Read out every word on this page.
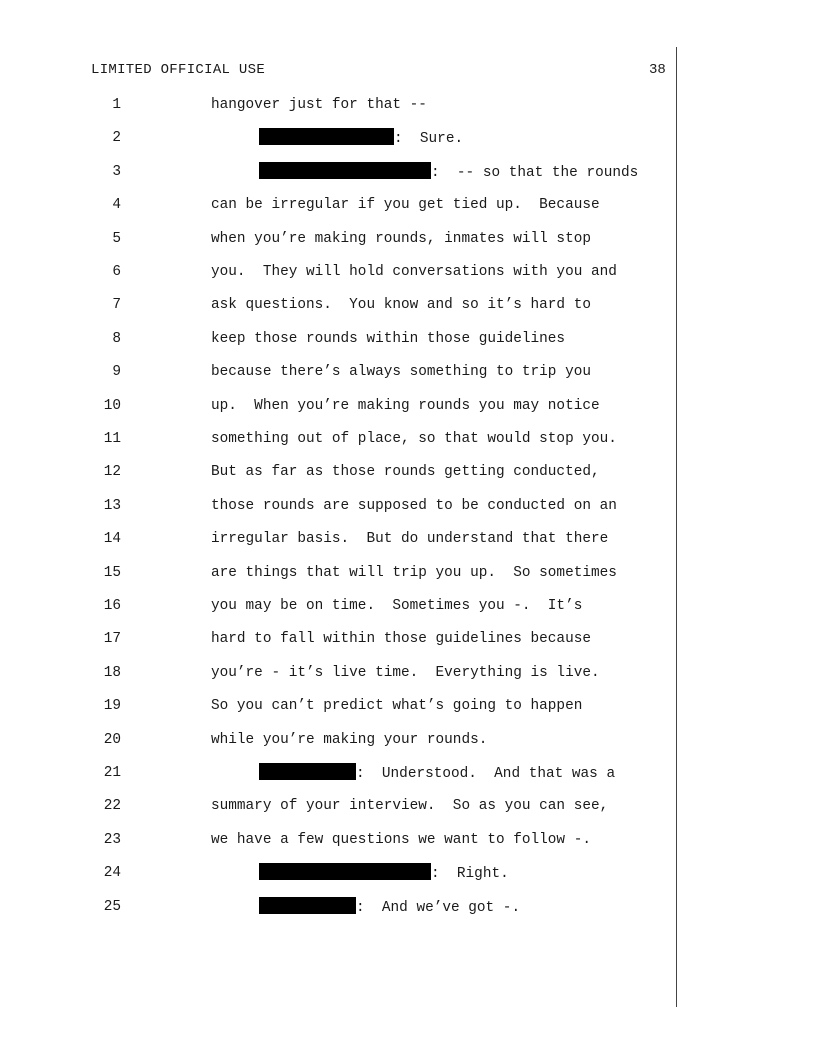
LIMITED OFFICIAL USE	38
1	hangover just for that --
2	:  Sure.
3	:  -- so that the rounds
4	can be irregular if you get tied up.  Because
5	when you’re making rounds, inmates will stop
6	you.  They will hold conversations with you and
7	ask questions.  You know and so it’s hard to
8	keep those rounds within those guidelines
9	because there’s always something to trip you
10	up.  When you’re making rounds you may notice
11	something out of place, so that would stop you.
12	But as far as those rounds getting conducted,
13	those rounds are supposed to be conducted on an
14	irregular basis.  But do understand that there
15	are things that will trip you up.  So sometimes
16	you may be on time.  Sometimes you -.  It’s
17	hard to fall within those guidelines because
18	you’re - it’s live time.  Everything is live.
19	So you can’t predict what’s going to happen
20	while you’re making your rounds.
21	:  Understood.  And that was a
22	summary of your interview.  So as you can see,
23	we have a few questions we want to follow -.
24	:  Right.
25	:  And we’ve got -.
